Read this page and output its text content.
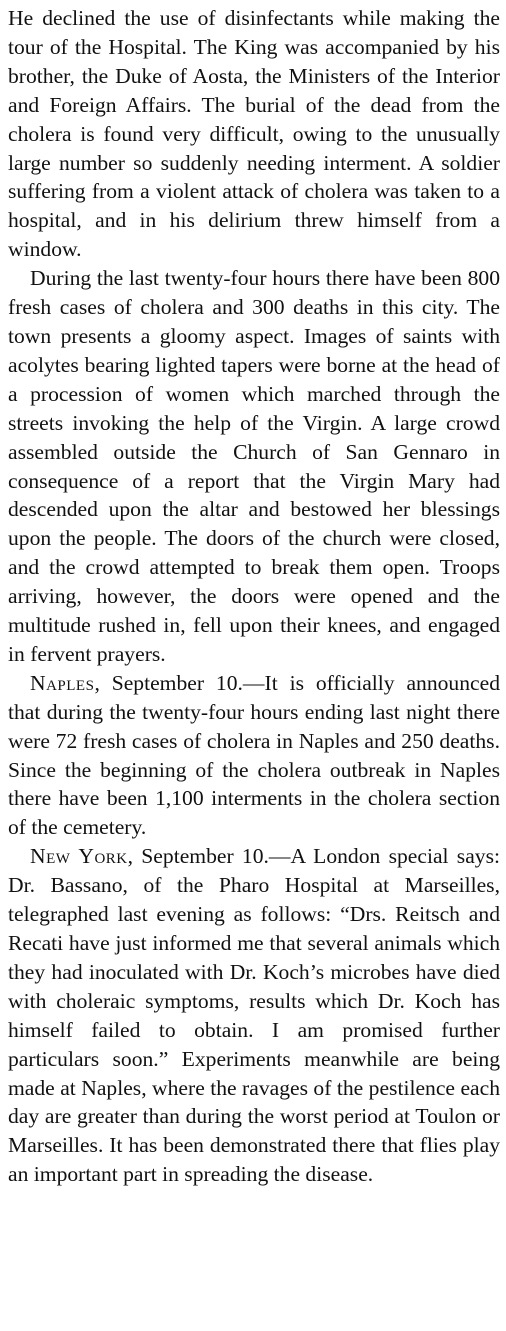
He declined the use of disinfectants while making the tour of the Hospital. The King was accompanied by his brother, the Duke of Aosta, the Ministers of the Interior and Foreign Affairs. The burial of the dead from the cholera is found very difficult, owing to the unusually large number so suddenly needing interment. A soldier suffering from a violent attack of cholera was taken to a hospital, and in his delirium threw himself from a window.

During the last twenty-four hours there have been 800 fresh cases of cholera and 300 deaths in this city. The town presents a gloomy aspect. Images of saints with acolytes bearing lighted tapers were borne at the head of a procession of women which marched through the streets invoking the help of the Virgin. A large crowd assembled outside the Church of San Gennaro in consequence of a report that the Virgin Mary had descended upon the altar and bestowed her blessings upon the people. The doors of the church were closed, and the crowd attempted to break them open. Troops arriving, however, the doors were opened and the multitude rushed in, fell upon their knees, and engaged in fervent prayers.

Naples, September 10.—It is officially announced that during the twenty-four hours ending last night there were 72 fresh cases of cholera in Naples and 250 deaths. Since the beginning of the cholera outbreak in Naples there have been 1,100 interments in the cholera section of the cemetery.

New York, September 10.—A London special says: Dr. Bassano, of the Pharo Hospital at Marseilles, telegraphed last evening as follows: “Drs. Reitsch and Recati have just informed me that several animals which they had inoculated with Dr. Koch’s microbes have died with choleraic symptoms, results which Dr. Koch has himself failed to obtain. I am promised further particulars soon.” Experiments meanwhile are being made at Naples, where the ravages of the pestilence each day are greater than during the worst period at Toulon or Marseilles. It has been demonstrated there that flies play an important part in spreading the disease.
